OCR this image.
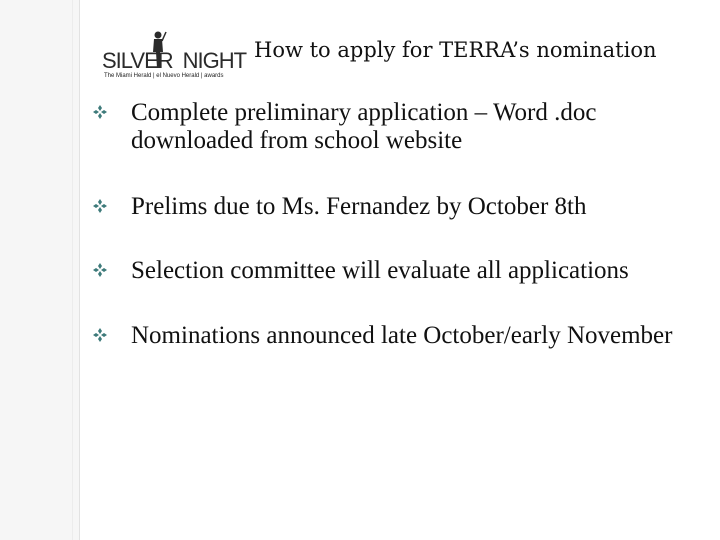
SILVER NIGHT
The Miami Herald | el Nuevo Herald | awards
How to apply for TERRA’s nomination
Complete preliminary application – Word .doc downloaded from school website
Prelims due to Ms. Fernandez by October 8th
Selection committee will evaluate all applications
Nominations announced late October/early November
